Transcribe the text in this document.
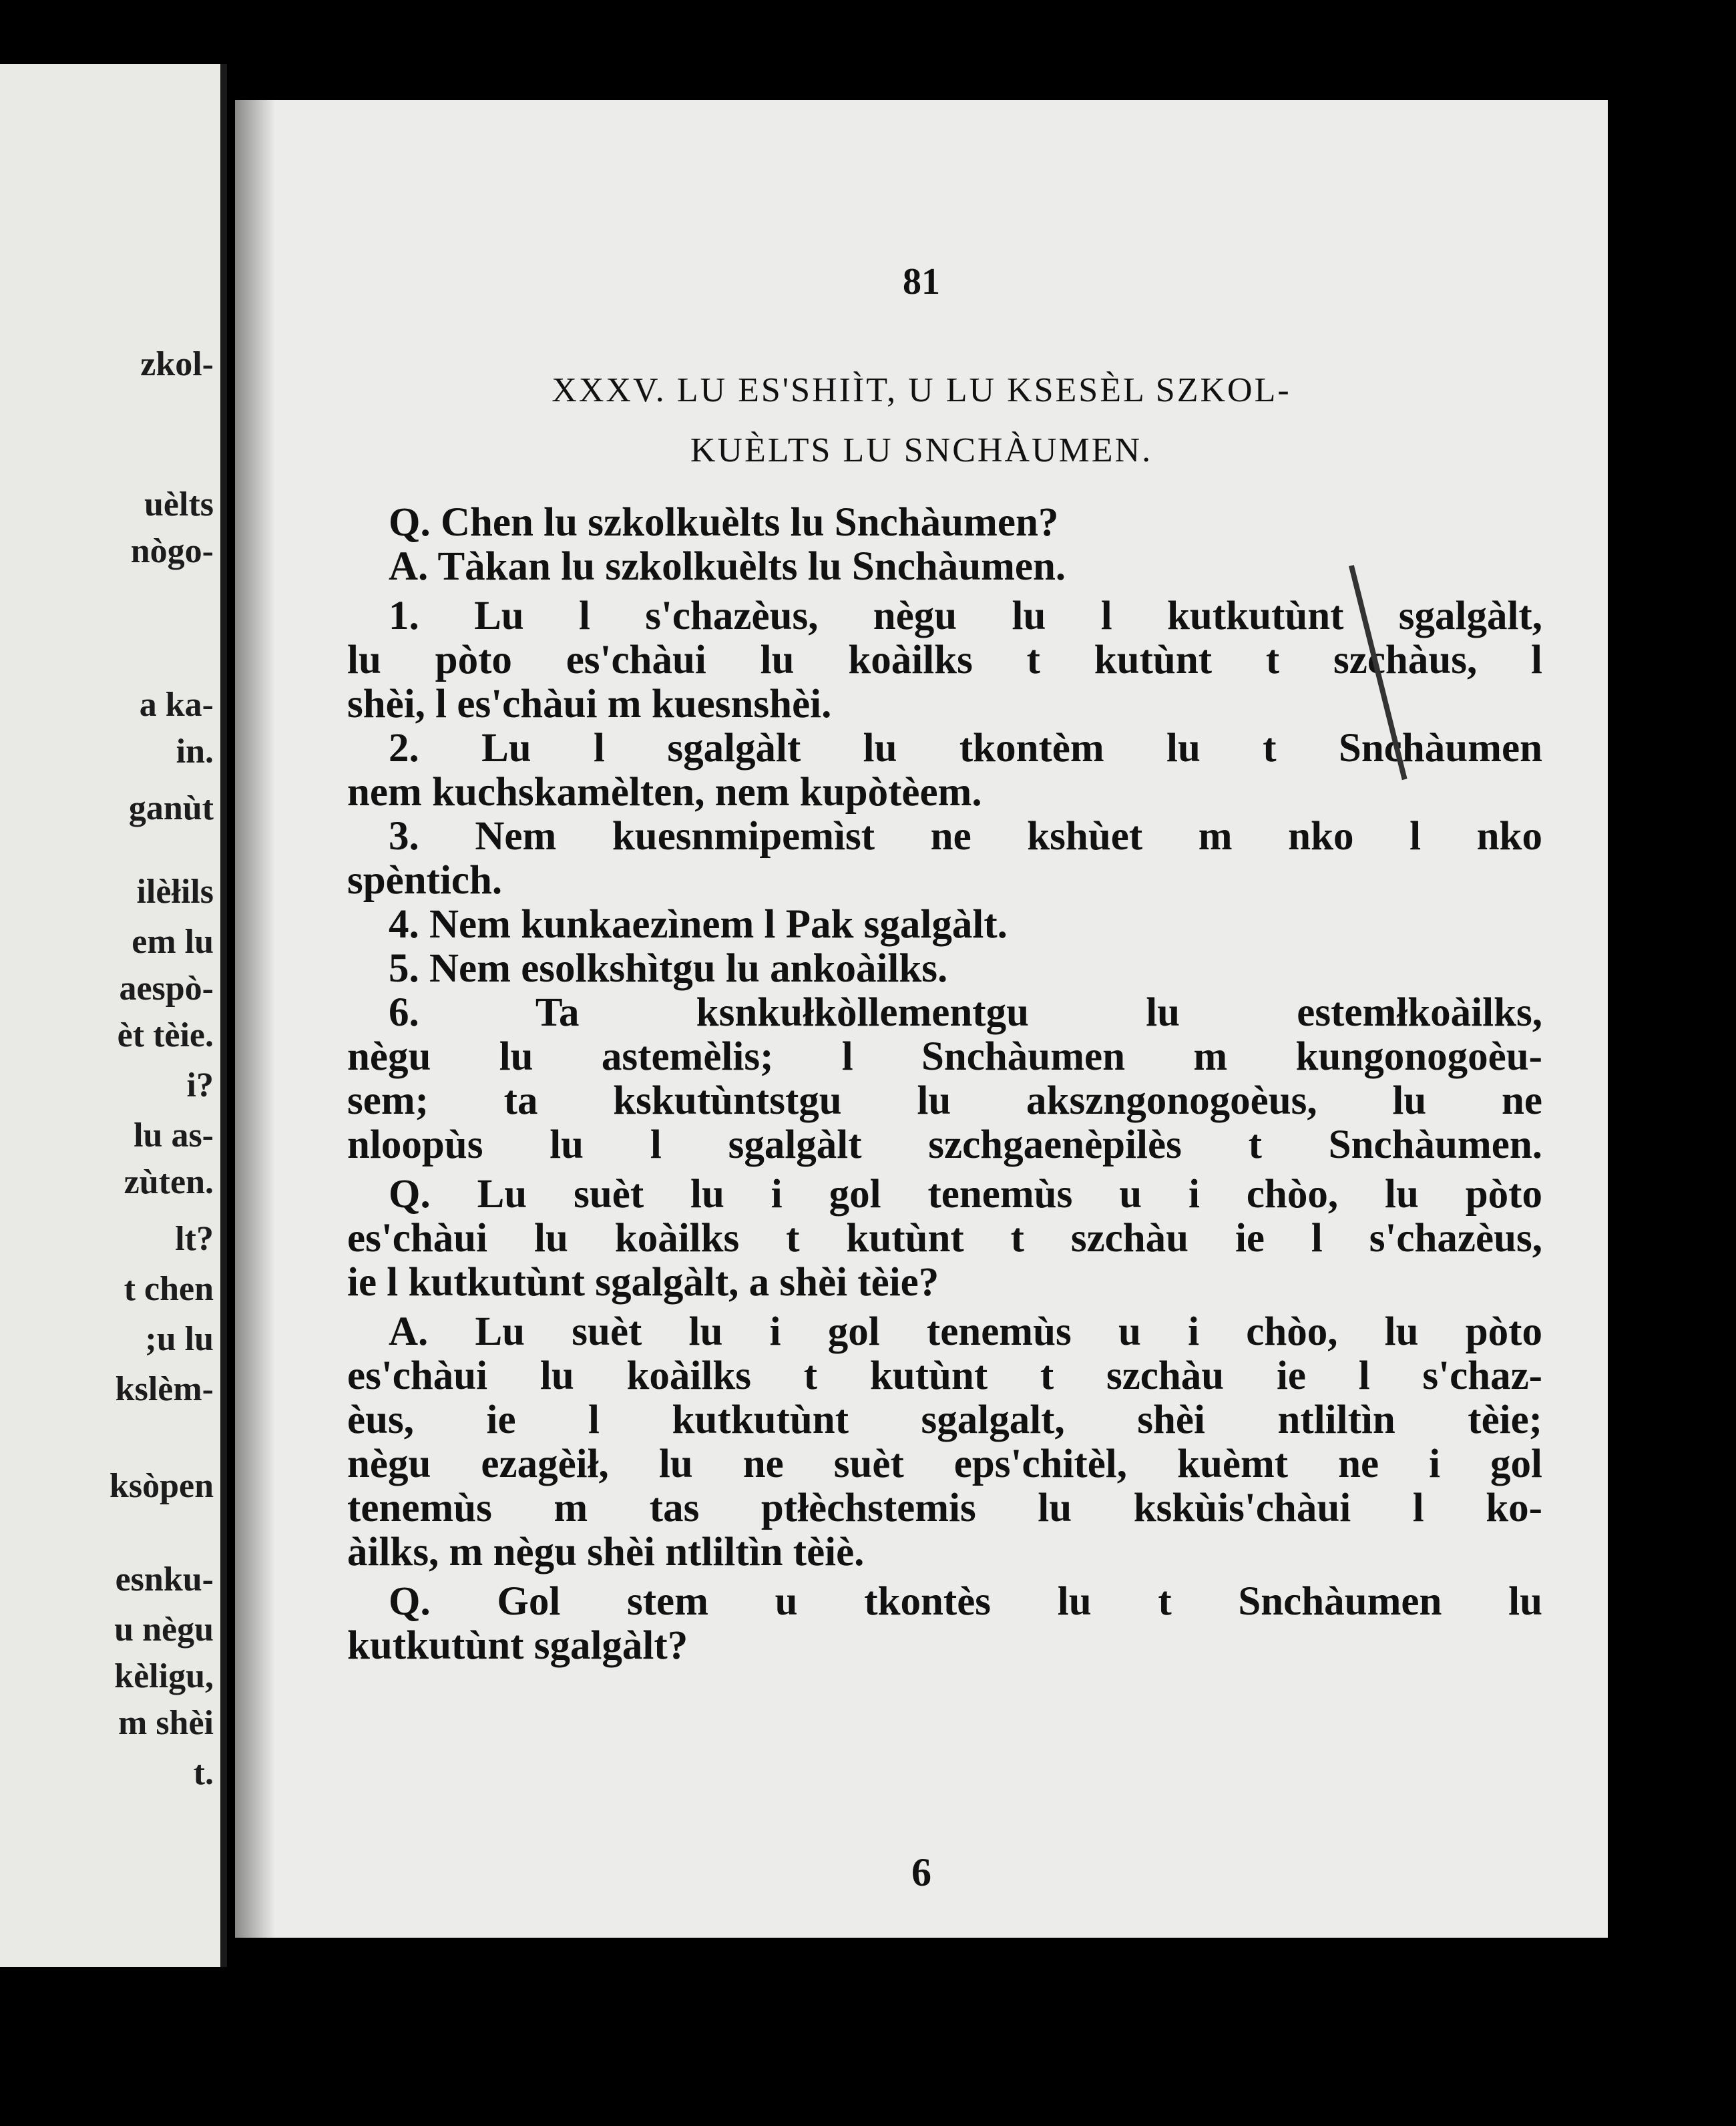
zkol-
uèlts
nògo-
a ka-
in.
ganùt
ilèłils
em lu
aespò-
èt tèie.
i?
lu as-
zùten.
lt?
t chen
;u lu
kslèm-
ksòpen
esnku-
u nègu
kèligu,
m shèi
t.
81
XXXV. LU ES'SHIÌT, U LU KSESÈL SZKOL-
KUÈLTS LU SNCHÀUMEN.
Q. Chen lu szkolkuèlts lu Snchàumen?
A. Tàkan lu szkolkuèlts lu Snchàumen.
1. Lu l s'chazèus, nègu lu l kutkutùnt sgalgàlt,
lu pòto es'chàui lu koàilks t kutùnt t szchàus, l
shèi, l es'chàui m kuesnshèi.
2. Lu l sgalgàlt lu tkontèm lu t Snchàumen
nem kuchskamèlten, nem kupòtèem.
3. Nem kuesnmipemìst ne kshùet m nko l nko
spèntich.
4. Nem kunkaezìnem l Pak sgalgàlt.
5. Nem esolkshìtgu lu ankoàilks.
6. Ta ksnkułkòllementgu lu estemłkoàilks,
nègu lu astemèlis; l Snchàumen m kungonogoèu-
sem; ta kskutùntstgu lu akszngonogoèus, lu ne
nloopùs lu l sgalgàlt szchgaenèpilès t Snchàumen.
Q. Lu suèt lu i gol tenemùs u i chòo, lu pòto
es'chàui lu koàilks t kutùnt t szchàu ie l s'chazèus,
ie l kutkutùnt sgalgàlt, a shèi tèie?
A. Lu suèt lu i gol tenemùs u i chòo, lu pòto
es'chàui lu koàilks t kutùnt t szchàu ie l s'chaz-
èus, ie l kutkutùnt sgalgalt, shèi ntliltìn tèie;
nègu ezagèił, lu ne suèt eps'chitèl, kuèmt ne i gol
tenemùs m tas ptłèchstemis lu kskùis'chàui l ko-
àilks, m nègu shèi ntliltìn tèiè.
Q. Gol stem u tkontès lu t Snchàumen lu
kutkutùnt sgalgàlt?
6
